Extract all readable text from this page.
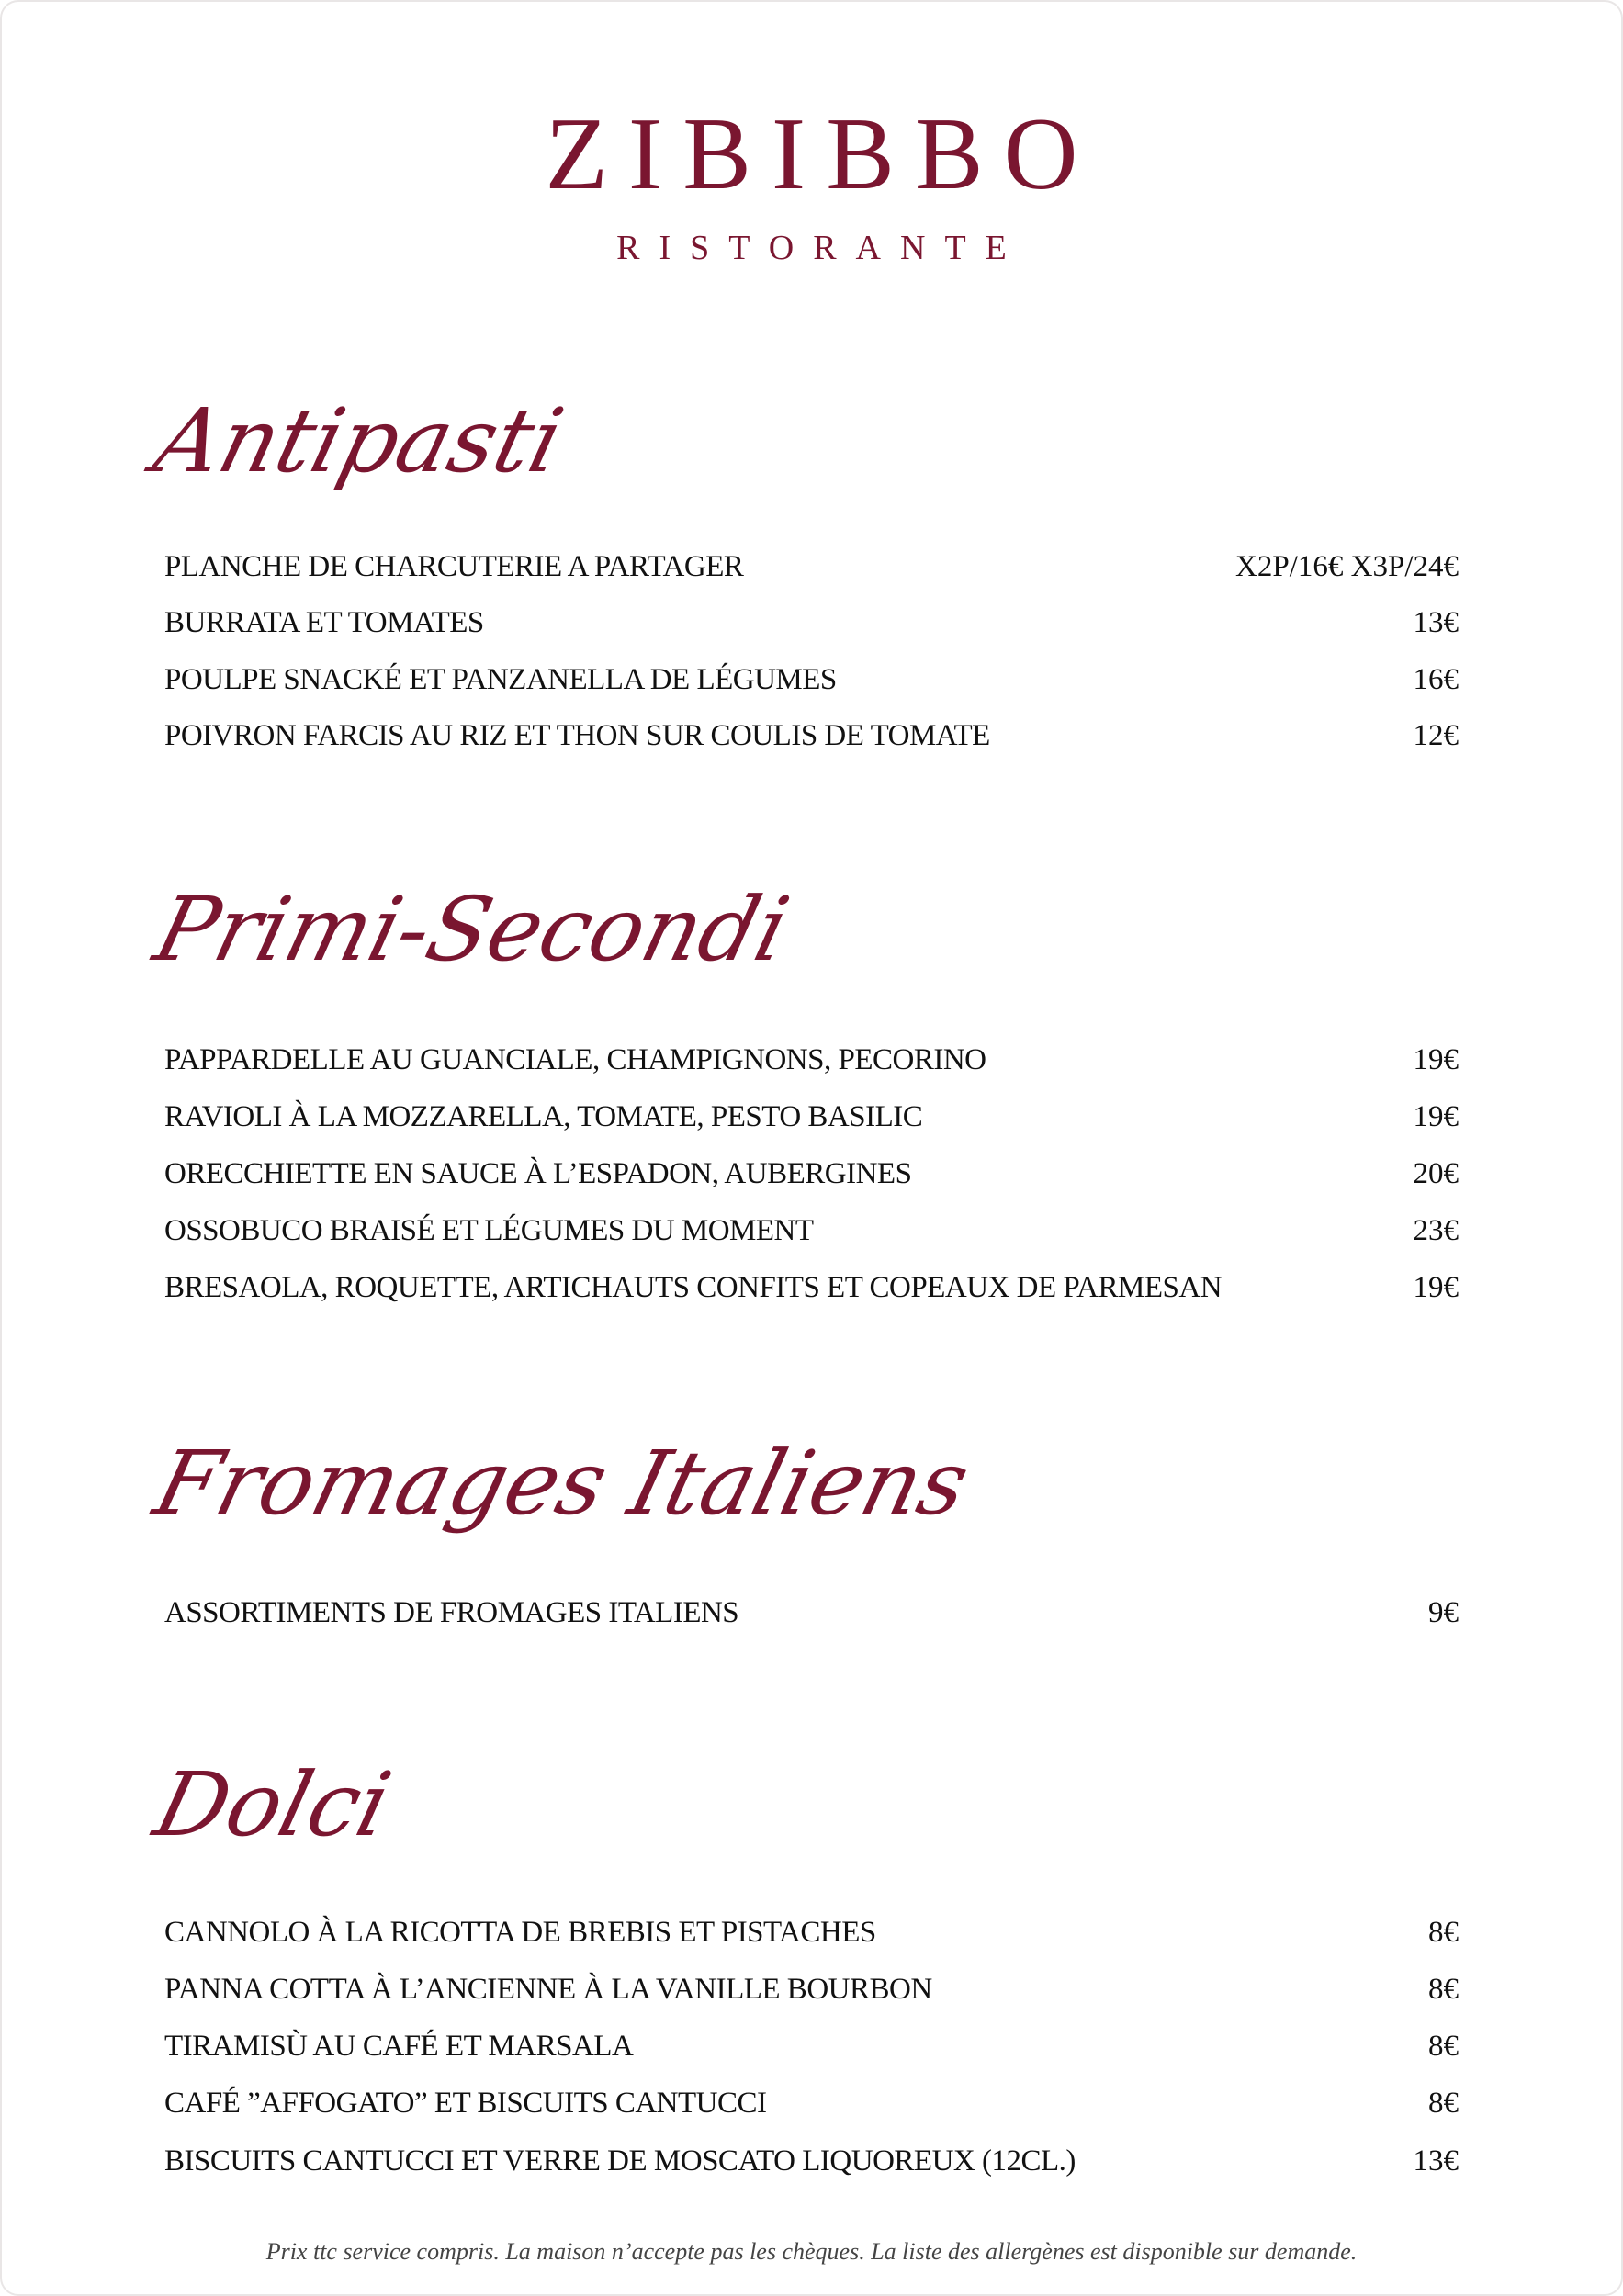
ZIBIBBO
RISTORANTE
Antipasti
PLANCHE DE CHARCUTERIE A PARTAGER	X2P/16€ X3P/24€
BURRATA ET TOMATES	13€
POULPE SNACKÉ ET PANZANELLA DE LÉGUMES	16€
POIVRON FARCIS AU RIZ ET THON SUR COULIS DE TOMATE	12€
Primi-Secondi
PAPPARDELLE AU GUANCIALE, CHAMPIGNONS, PECORINO	19€
RAVIOLI À LA MOZZARELLA, TOMATE, PESTO BASILIC	19€
ORECCHIETTE EN SAUCE À L’ESPADON, AUBERGINES	20€
OSSOBUCO BRAISÉ ET LÉGUMES DU MOMENT	23€
BRESAOLA, ROQUETTE, ARTICHAUTS CONFITS ET COPEAUX DE PARMESAN	19€
Fromages Italiens
ASSORTIMENTS DE FROMAGES ITALIENS	9€
Dolci
CANNOLO À LA RICOTTA DE BREBIS ET PISTACHES	8€
PANNA COTTA À L’ANCIENNE À LA VANILLE BOURBON	8€
TIRAMISÙ AU CAFÉ ET MARSALA	8€
CAFÉ ”AFFOGATO” ET BISCUITS CANTUCCI	8€
BISCUITS CANTUCCI ET VERRE DE MOSCATO LIQUOREUX (12CL.)	13€
Prix ttc service compris. La maison n’accepte pas les chèques. La liste des allergènes est disponible sur demande.
